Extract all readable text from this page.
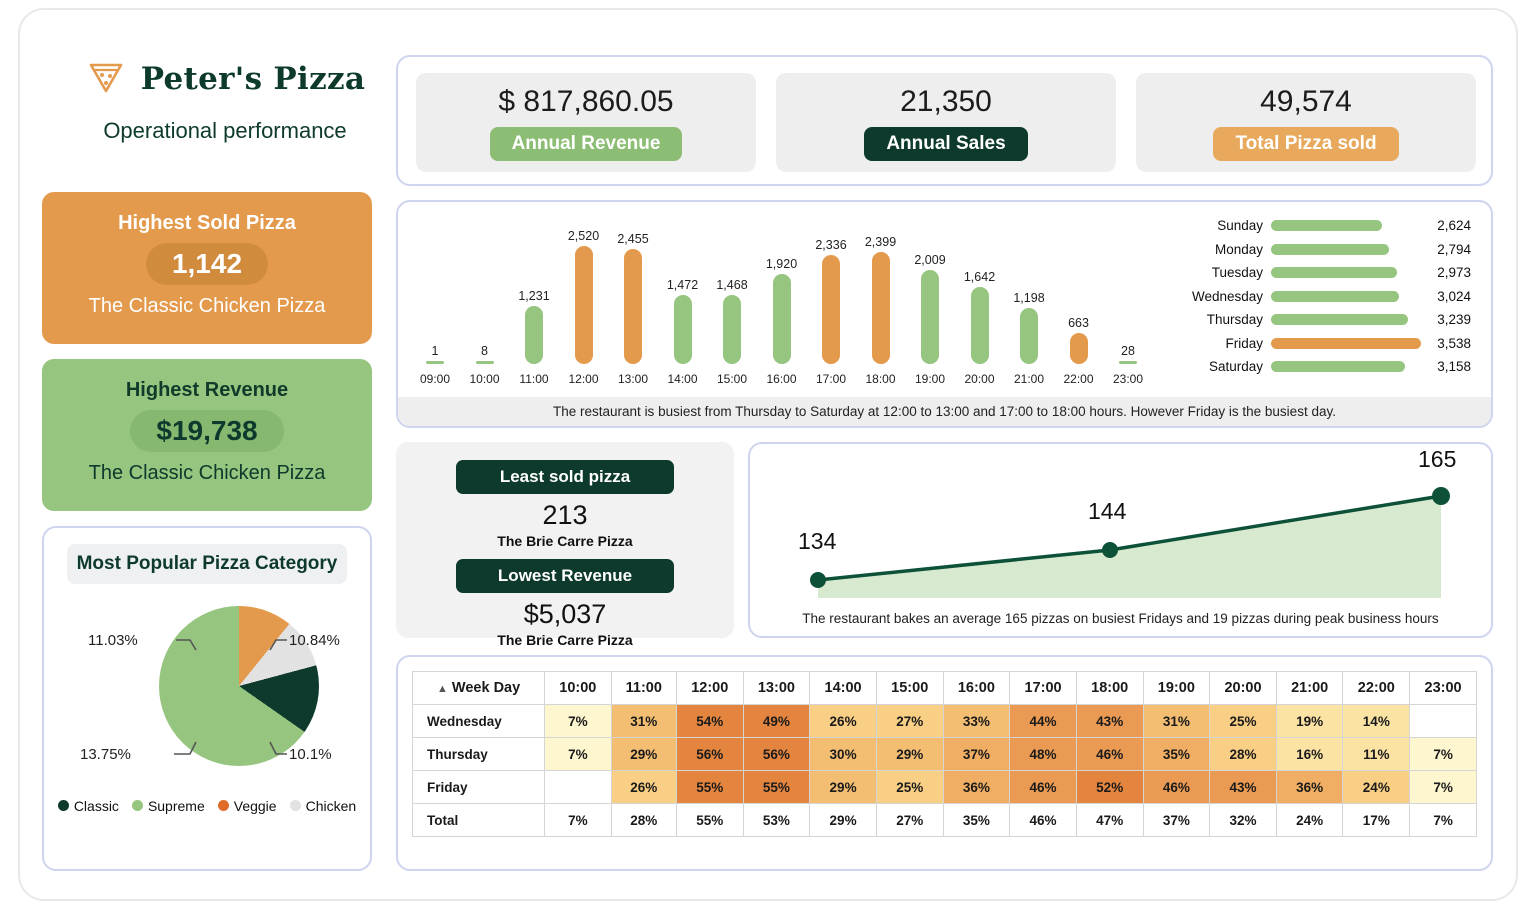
Peter's Pizza
Operational performance
Highest Sold Pizza
1,142
The Classic Chicken Pizza
Highest Revenue
$19,738
The Classic Chicken Pizza
Most Popular Pizza Category
11.03%	10.84%
13.75%	10.1%
Classic	Supreme	Veggie	Chicken
$ 817,860.05
Annual Revenue
21,350
Annual Sales
49,574
Total Pizza sold
1
09:00
8
10:00
1,231
11:00
2,520
12:00
2,455
13:00
1,472
14:00
1,468
15:00
1,920
16:00
2,336
17:00
2,399
18:00
2,009
19:00
1,642
20:00
1,198
21:00
663
22:00
28
23:00
Sunday	2,624
Monday	2,794
Tuesday	2,973
Wednesday	3,024
Thursday	3,239
Friday	3,538
Saturday	3,158
The restaurant is busiest from Thursday to Saturday at 12:00 to 13:00 and 17:00 to 18:00 hours. However Friday is the busiest day.
Least sold pizza
213
The Brie Carre Pizza
Lowest Revenue
$5,037
The Brie Carre Pizza
134
144
165
The restaurant bakes an average 165 pizzas on busiest Fridays and 19 pizzas during peak business hours
▲ Week Day	10:00	11:00	12:00	13:00	14:00	15:00	16:00	17:00	18:00	19:00	20:00	21:00	22:00	23:00
Wednesday	7%	31%	54%	49%	26%	27%	33%	44%	43%	31%	25%	19%	14%	
Thursday	7%	29%	56%	56%	30%	29%	37%	48%	46%	35%	28%	16%	11%	7%
Friday		26%	55%	55%	29%	25%	36%	46%	52%	46%	43%	36%	24%	7%
Total	7%	28%	55%	53%	29%	27%	35%	46%	47%	37%	32%	24%	17%	7%
